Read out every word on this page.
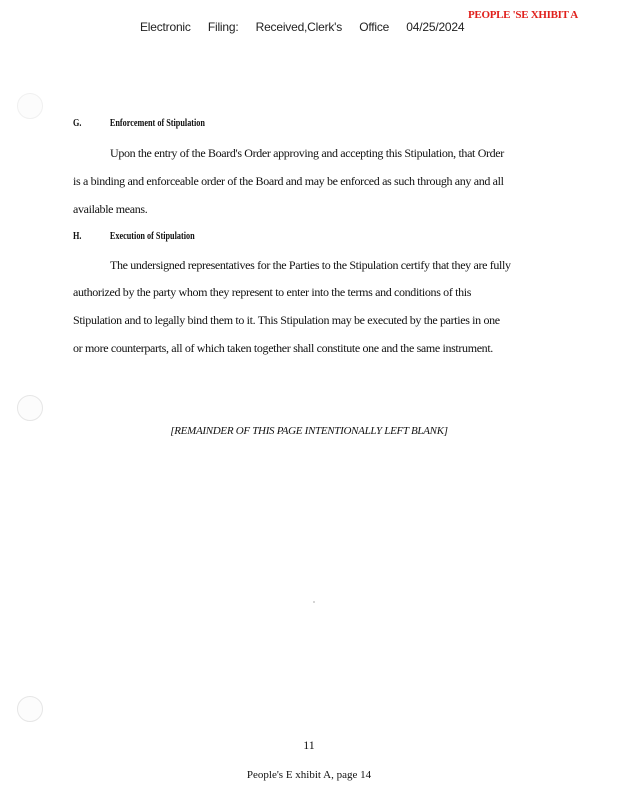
Electronic Filing: Received,Clerk's Office 04/25/2024
PEOPLE 'SE XHIBIT A
G.	Enforcement of Stipulation
Upon the entry of the Board's Order approving and accepting this Stipulation, that Order
is a binding and enforceable order of the Board and may be enforced as such through any and all
available means.
H.	Execution of Stipulation
The undersigned representatives for the Parties to the Stipulation certify that they are fully
authorized by the party whom they represent to enter into the terms and conditions of this
Stipulation and to legally bind them to it. This Stipulation may be executed by the parties in one
or more counterparts, all of which taken together shall constitute one and the same instrument.
[REMAINDER OF THIS PAGE INTENTIONALLY LEFT BLANK]
11
People's E xhibit A, page 14
